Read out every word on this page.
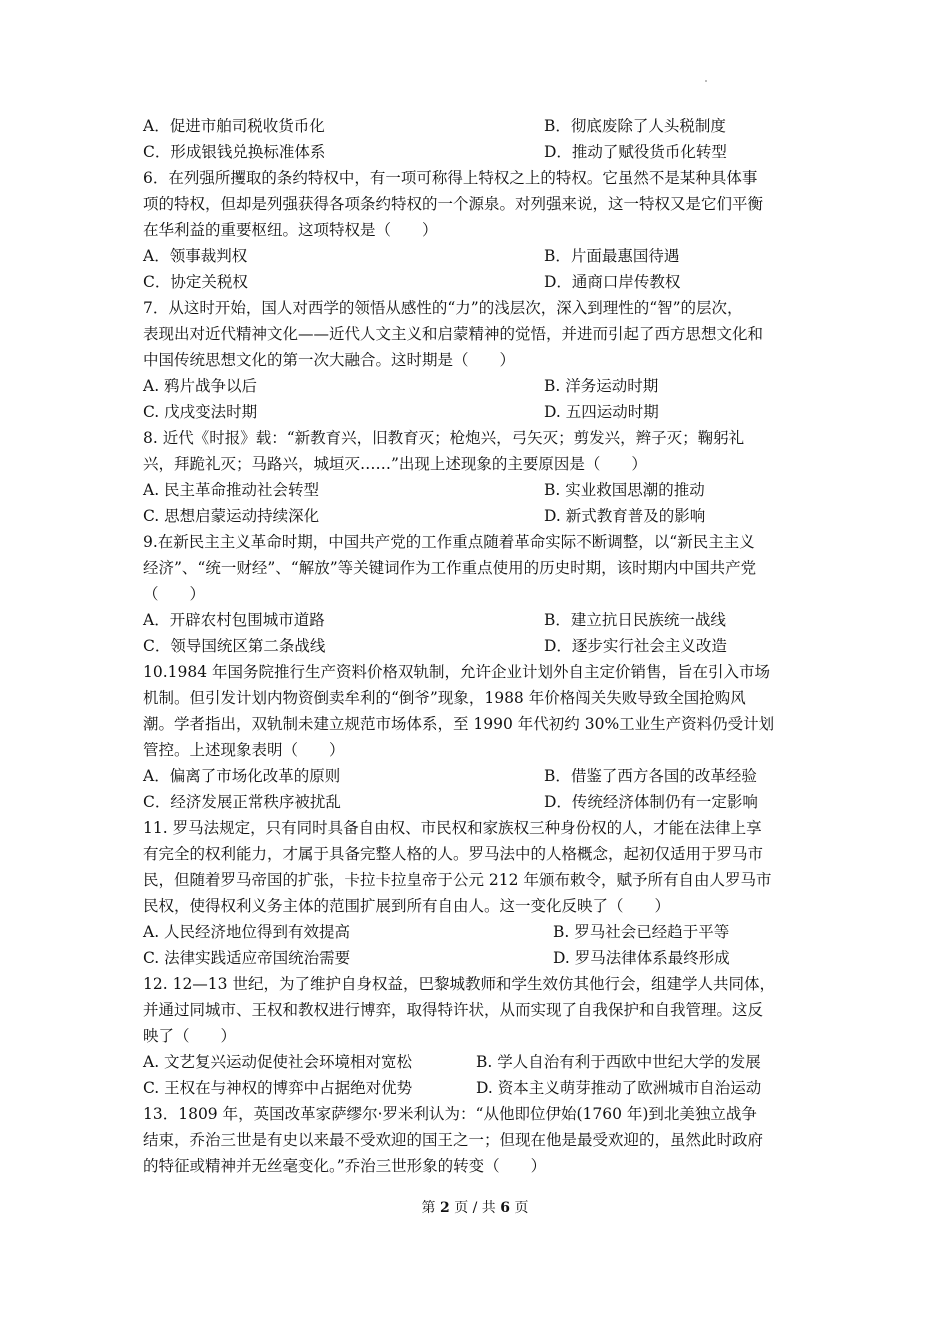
A．促进市舶司税收货币化	B．彻底废除了人头税制度
C．形成银钱兑换标准体系	D．推动了赋役货币化转型
6．在列强所攫取的条约特权中，有一项可称得上特权之上的特权。它虽然不是某种具体事
项的特权，但却是列强获得各项条约特权的一个源泉。对列强来说，这一特权又是它们平衡
在华利益的重要枢纽。这项特权是（　　）
A．领事裁判权	B．片面最惠国待遇
C．协定关税权	D．通商口岸传教权
7．从这时开始，国人对西学的领悟从感性的“力”的浅层次，深入到理性的“智”的层次，
表现出对近代精神文化——近代人文主义和启蒙精神的觉悟，并进而引起了西方思想文化和
中国传统思想文化的第一次大融合。这时期是（　　）
A. 鸦片战争以后	B. 洋务运动时期
C. 戊戌变法时期	D. 五四运动时期
8. 近代《时报》载：“新教育兴，旧教育灭；枪炮兴，弓矢灭；剪发兴，辫子灭；鞠躬礼
兴，拜跪礼灭；马路兴，城垣灭……”出现上述现象的主要原因是（　　）
A. 民主革命推动社会转型	B. 实业救国思潮的推动
C. 思想启蒙运动持续深化	D. 新式教育普及的影响
9.在新民主主义革命时期，中国共产党的工作重点随着革命实际不断调整，以“新民主主义
经济”、“统一财经”、“解放”等关键词作为工作重点使用的历史时期，该时期内中国共产党
（　　）
A．开辟农村包围城市道路	B．建立抗日民族统一战线
C．领导国统区第二条战线	D．逐步实行社会主义改造
10.1984 年国务院推行生产资料价格双轨制，允许企业计划外自主定价销售，旨在引入市场
机制。但引发计划内物资倒卖牟利的“倒爷”现象，1988 年价格闯关失败导致全国抢购风
潮。学者指出，双轨制未建立规范市场体系，至 1990 年代初约 30%工业生产资料仍受计划
管控。上述现象表明（　　）
A．偏离了市场化改革的原则	B．借鉴了西方各国的改革经验
C．经济发展正常秩序被扰乱	D．传统经济体制仍有一定影响
11. 罗马法规定，只有同时具备自由权、市民权和家族权三种身份权的人，才能在法律上享
有完全的权利能力，才属于具备完整人格的人。罗马法中的人格概念，起初仅适用于罗马市
民，但随着罗马帝国的扩张，卡拉卡拉皇帝于公元 212 年颁布敕令，赋予所有自由人罗马市
民权，使得权利义务主体的范围扩展到所有自由人。这一变化反映了（　　）
A. 人民经济地位得到有效提高	B. 罗马社会已经趋于平等
C. 法律实践适应帝国统治需要	D. 罗马法律体系最终形成
12. 12—13 世纪，为了维护自身权益，巴黎城教师和学生效仿其他行会，组建学人共同体，
并通过同城市、王权和教权进行博弈，取得特许状，从而实现了自我保护和自我管理。这反
映了（　　）
A. 文艺复兴运动促使社会环境相对宽松	B. 学人自治有利于西欧中世纪大学的发展
C. 王权在与神权的博弈中占据绝对优势	D. 资本主义萌芽推动了欧洲城市自治运动
13．1809 年，英国改革家萨缪尔·罗米利认为：“从他即位伊始(1760 年)到北美独立战争
结束，乔治三世是有史以来最不受欢迎的国王之一；但现在他是最受欢迎的，虽然此时政府
的特征或精神并无丝毫变化。”乔治三世形象的转变（　　）
第 2 页 / 共 6 页
